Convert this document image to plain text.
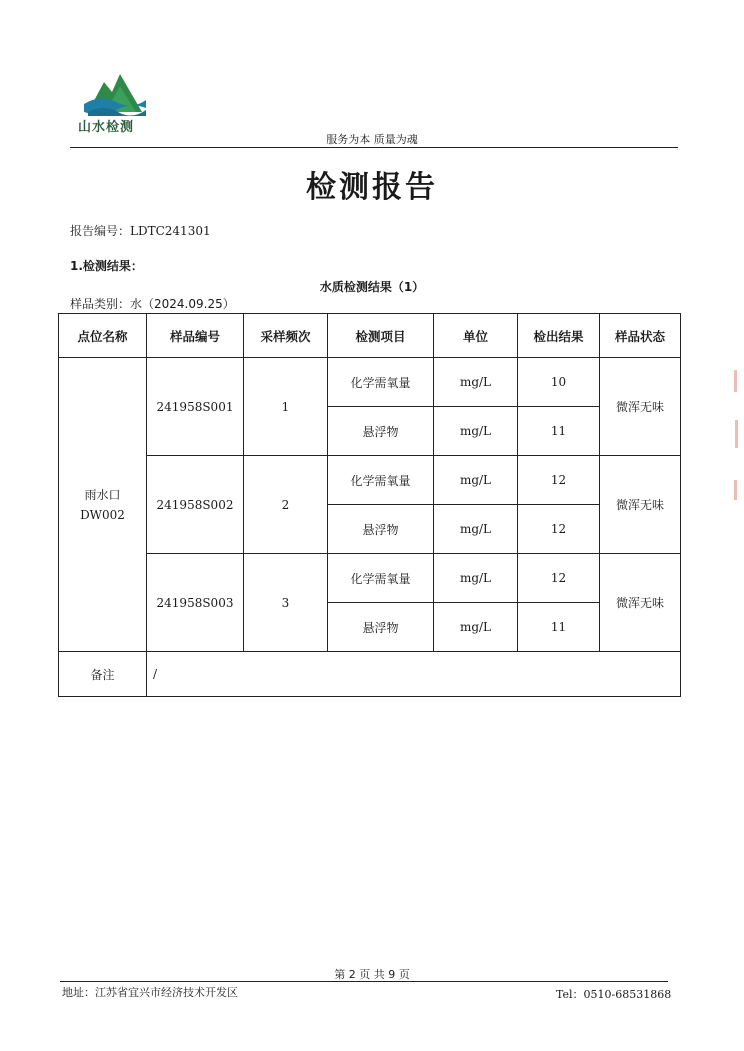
山水检测
服务为本 质量为魂
检测报告
报告编号：LDTC241301
1.检测结果：
水质检测结果（1）
样品类别：水（2024.09.25）
点位名称	样品编号	采样频次	检测项目	单位	检出结果	样品状态

雨水口
DW002	241958S001	1	化学需氧量	mg/L	10	微浑无味
			悬浮物	mg/L	11	
	241958S002	2	化学需氧量	mg/L	12	微浑无味
			悬浮物	mg/L	12	
	241958S003	3	化学需氧量	mg/L	12	微浑无味
			悬浮物	mg/L	11	
备注	/					
第 2 页 共 9 页
地址：江苏省宜兴市经济技术开发区	Tel：0510-68531868
